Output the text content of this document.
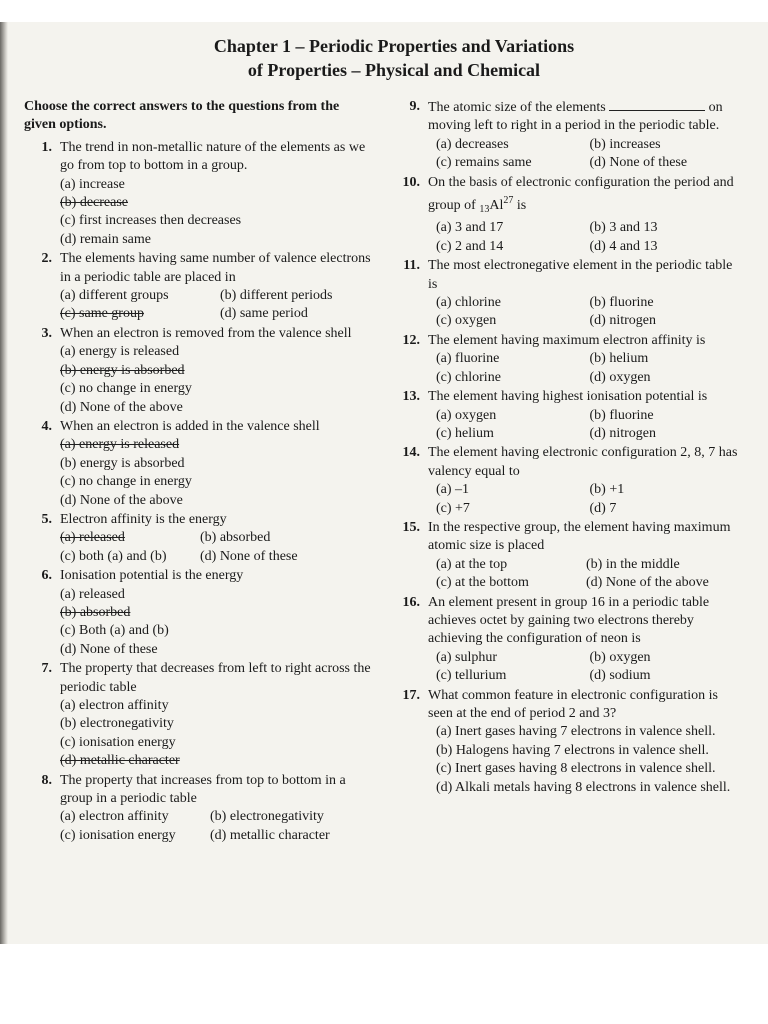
Chapter 1 – Periodic Properties and Variations
of Properties – Physical and Chemical
Choose the correct answers to the questions from the given options.
1. The trend in non-metallic nature of the elements as we go from top to bottom in a group.
(a) increase
(b) decrease
(c) first increases then decreases
(d) remain same
2. The elements having same number of valence electrons in a periodic table are placed in
(a) different groups	(b) different periods
(c) same group	(d) same period
3. When an electron is removed from the valence shell
(a) energy is released
(b) energy is absorbed
(c) no change in energy
(d) None of the above
4. When an electron is added in the valence shell
(a) energy is released
(b) energy is absorbed
(c) no change in energy
(d) None of the above
5. Electron affinity is the energy
(a) released	(b) absorbed
(c) both (a) and (b)	(d) None of these
6. Ionisation potential is the energy
(a) released
(b) absorbed
(c) Both (a) and (b)
(d) None of these
7. The property that decreases from left to right across the periodic table
(a) electron affinity
(b) electronegativity
(c) ionisation energy
(d) metallic character
8. The property that increases from top to bottom in a group in a periodic table
(a) electron affinity	(b) electronegativity
(c) ionisation energy	(d) metallic character
9. The atomic size of the elements	on moving left to right in a period in the periodic table.
(a) decreases	(b) increases
(c) remains same	(d) None of these
10. On the basis of electronic configuration the period and group of $_{13}Al^{27}$ is
(a) 3 and 17	(b) 3 and 13
(c) 2 and 14	(d) 4 and 13
11. The most electronegative element in the periodic table is
(a) chlorine	(b) fluorine
(c) oxygen	(d) nitrogen
12. The element having maximum electron affinity is
(a) fluorine	(b) helium
(c) chlorine	(d) oxygen
13. The element having highest ionisation potential is
(a) oxygen	(b) fluorine
(c) helium	(d) nitrogen
14. The element having electronic configuration 2, 8, 7 has valency equal to
(a) –1	(b) +1
(c) +7	(d) 7
15. In the respective group, the element having maximum atomic size is placed
(a) at the top	(b) in the middle
(c) at the bottom	(d) None of the above
16. An element present in group 16 in a periodic table achieves octet by gaining two electrons thereby achieving the configuration of neon is
(a) sulphur	(b) oxygen
(c) tellurium	(d) sodium
17. What common feature in electronic configuration is seen at the end of period 2 and 3?
(a) Inert gases having 7 electrons in valence shell.
(b) Halogens having 7 electrons in valence shell.
(c) Inert gases having 8 electrons in valence shell.
(d) Alkali metals having 8 electrons in valence shell.
